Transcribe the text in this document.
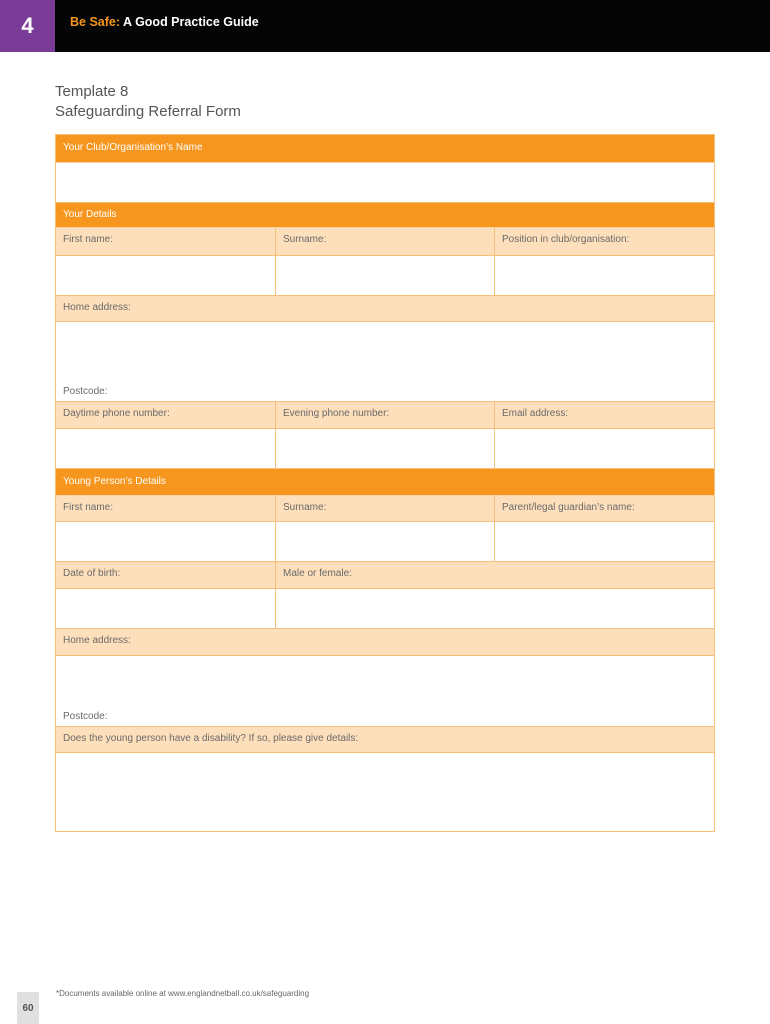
4	Be Safe: A Good Practice Guide
Template 8
Safeguarding Referral Form
Your Club/Organisation’s Name
Your Details
First name:	Surname:	Position in club/organisation:
Home address:
Postcode:
Daytime phone number:	Evening phone number:	Email address:
Young Person’s Details
First name:	Surname:	Parent/legal guardian’s name:
Date of birth:	Male or female:
Home address:
Postcode:
Does the young person have a disability? If so, please give details:
*Documents available online at www.englandnetball.co.uk/safeguarding
60
